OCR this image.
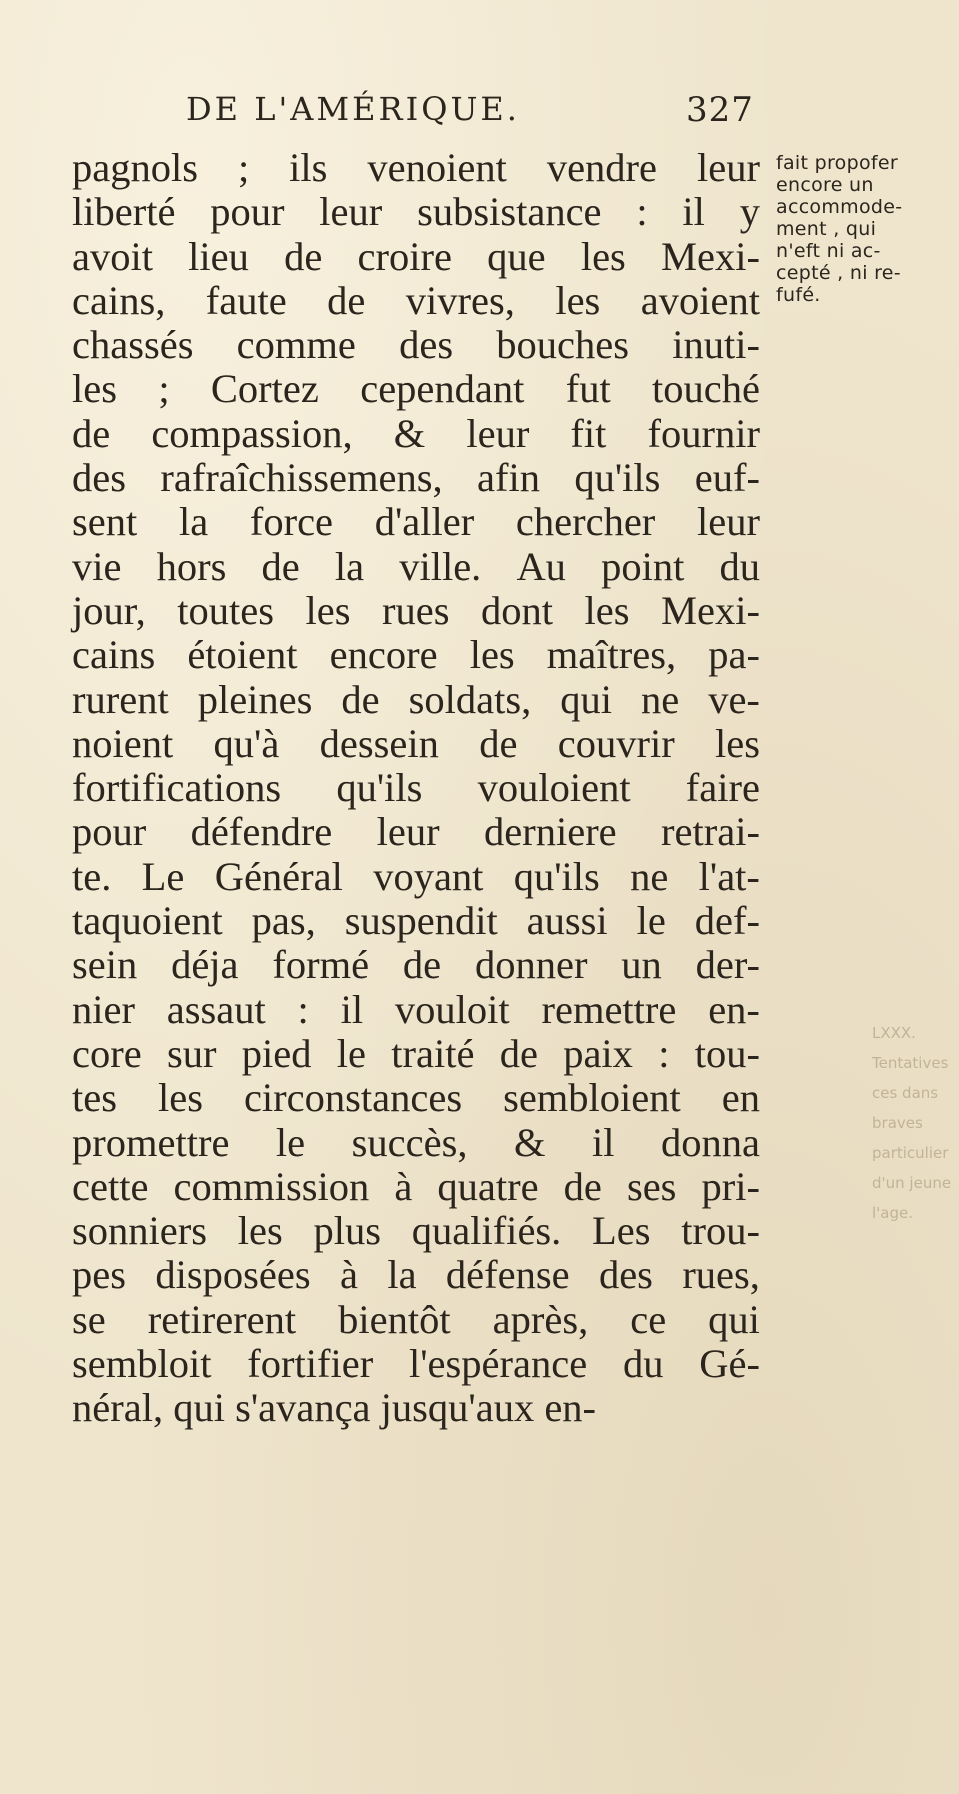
DE L'AMÉRIQUE.	327
pagnols ; ils venoient vendre leur
liberté pour leur subsistance : il y
avoit lieu de croire que les Mexi-
cains, faute de vivres, les avoient
chassés comme des bouches inuti-
les ; Cortez cependant fut touché
de compassion, & leur fit fournir
des rafraîchissemens, afin qu'ils euf-
sent la force d'aller chercher leur
vie hors de la ville. Au point du
jour, toutes les rues dont les Mexi-
cains étoient encore les maîtres, pa-
rurent pleines de soldats, qui ne ve-
noient qu'à dessein de couvrir les
fortifications qu'ils vouloient faire
pour défendre leur derniere retrai-
te. Le Général voyant qu'ils ne l'at-
taquoient pas, suspendit aussi le def-
sein déja formé de donner un der-
nier assaut : il vouloit remettre en-
core sur pied le traité de paix : tou-
tes les circonstances sembloient en
promettre le succès, & il donna
cette commission à quatre de ses pri-
sonniers les plus qualifiés. Les trou-
pes disposées à la défense des rues,
se retirerent bientôt après, ce qui
sembloit fortifier l'espérance du Gé-
néral, qui s'avança jusqu'aux en-
fait propofer
encore un
accommode-
ment , qui
n'eft ni ac-
cepté , ni re-
fufé.
LXXX.
Tentatives
ces dans
braves
particulier
d'un jeune
l'age.
